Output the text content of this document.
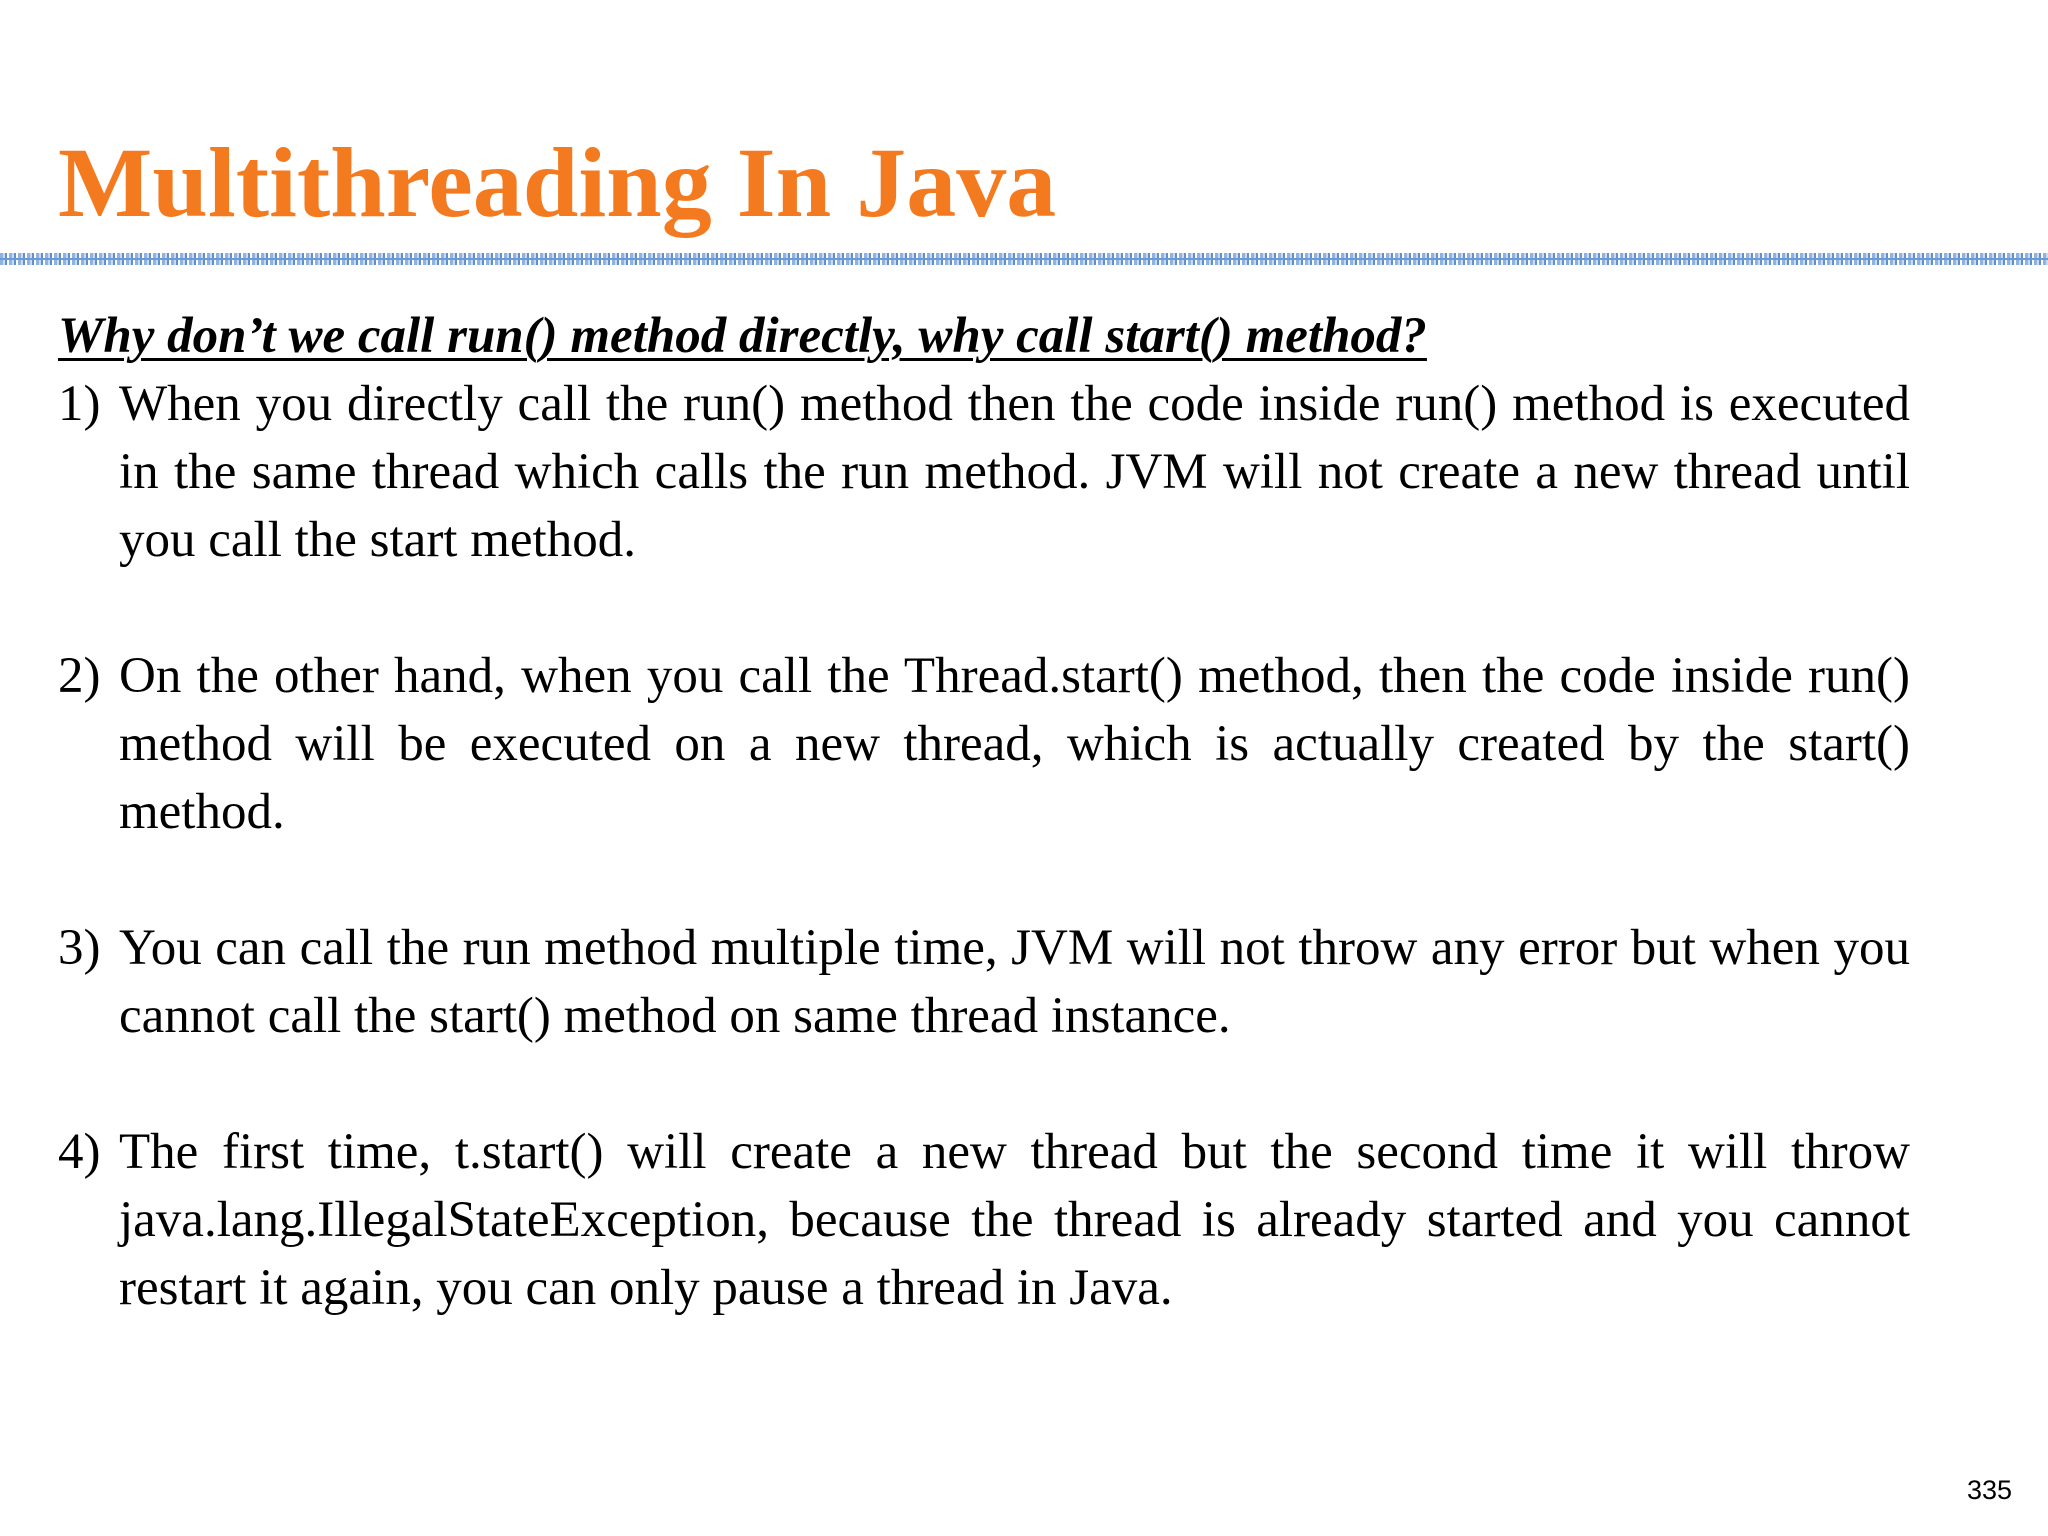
Multithreading In Java

Why don’t we call run() method directly, why call start() method?

1) When you directly call the run() method then the code inside run() method is executed in the same thread which calls the run method. JVM will not create a new thread until you call the start method.
2) On the other hand, when you call the Thread.start() method, then the code inside run() method will be executed on a new thread, which is actually created by the start() method.
3) You can call the run method multiple time, JVM will not throw any error but when you cannot call the start() method on same thread instance.
4) The first time, t.start() will create a new thread but the second time it will throw java.lang.IllegalStateException, because the thread is already started and you cannot restart it again, you can only pause a thread in Java.
335
